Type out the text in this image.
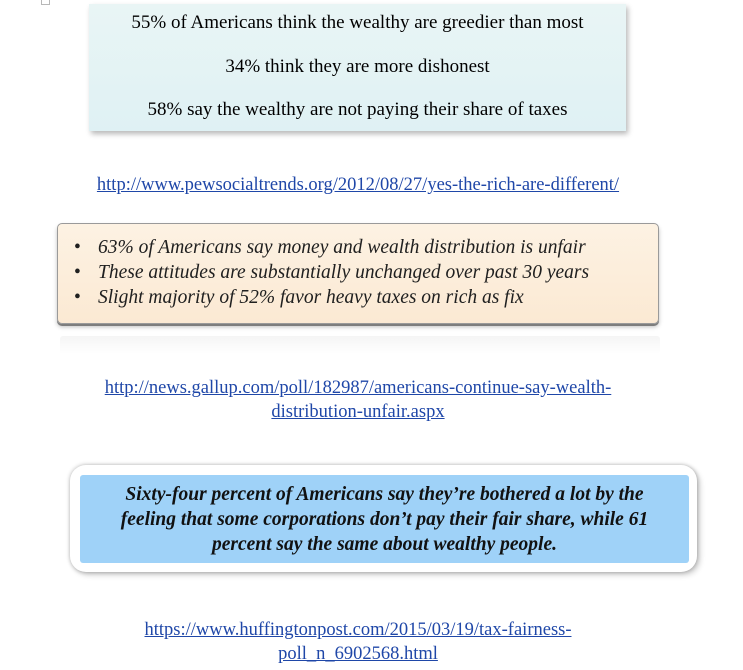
55% of Americans think the wealthy are greedier than most
34% think they are more dishonest
58% say the wealthy are not paying their share of taxes
http://www.pewsocialtrends.org/2012/08/27/yes-the-rich-are-different/
• 63% of Americans say money and wealth distribution is unfair
• These attitudes are substantially unchanged over past 30 years
• Slight majority of 52% favor heavy taxes on rich as fix
http://news.gallup.com/poll/182987/americans-continue-say-wealth-
distribution-unfair.aspx
Sixty-four percent of Americans say they’re bothered a lot by the
feeling that some corporations don’t pay their fair share, while 61
percent say the same about wealthy people.
https://www.huffingtonpost.com/2015/03/19/tax-fairness-
poll_n_6902568.html
